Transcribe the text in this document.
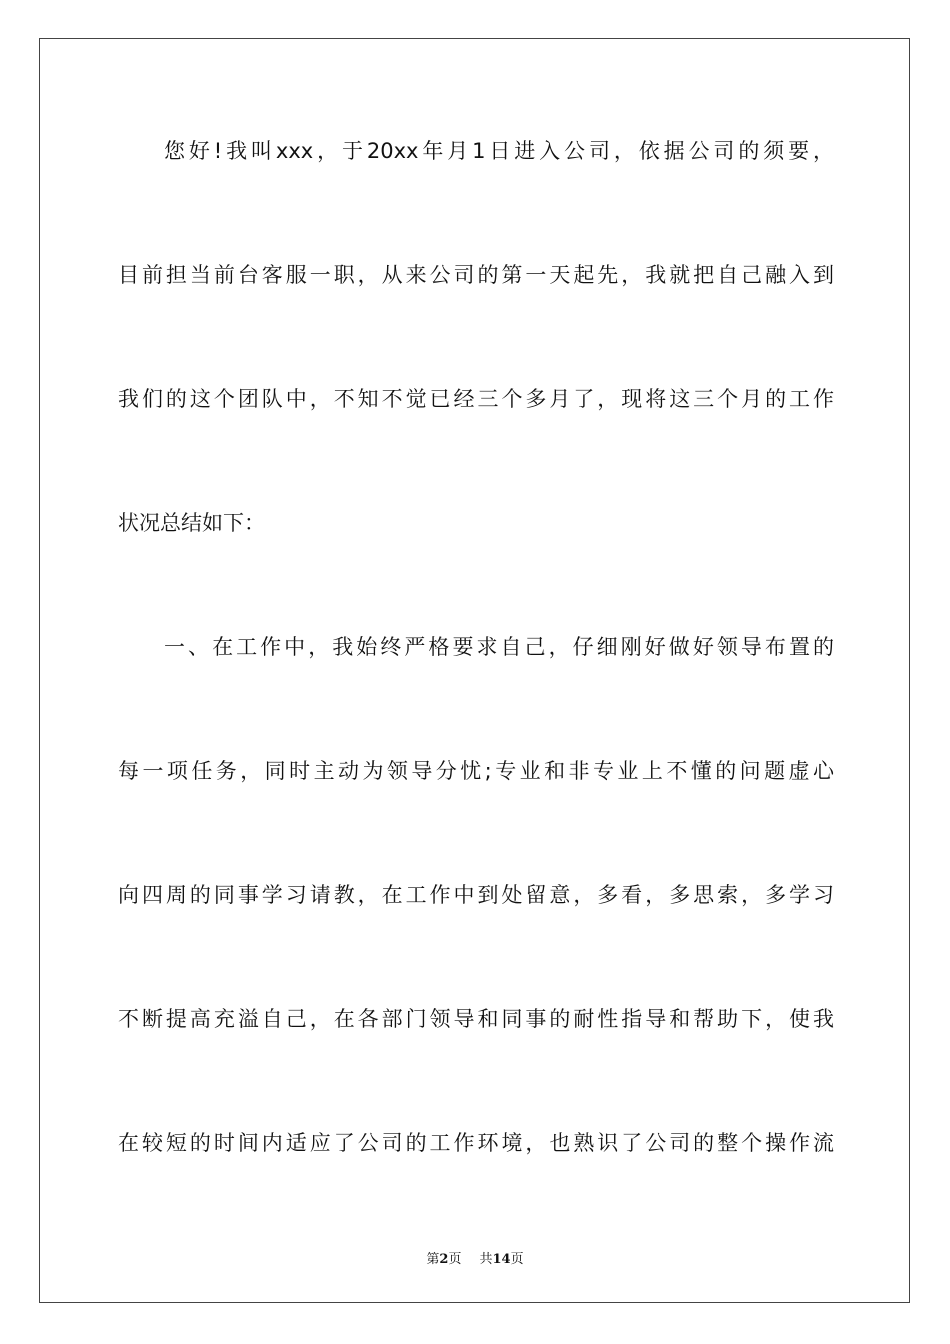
您好!我叫xxx，于20xx年月1日进入公司，依据公司的须要，
目前担当前台客服一职，从来公司的第一天起先，我就把自己融入到
我们的这个团队中，不知不觉已经三个多月了，现将这三个月的工作
状况总结如下：
一、在工作中，我始终严格要求自己，仔细刚好做好领导布置的
每一项任务，同时主动为领导分忧;专业和非专业上不懂的问题虚心
向四周的同事学习请教，在工作中到处留意，多看，多思索，多学习
不断提高充溢自己，在各部门领导和同事的耐性指导和帮助下，使我
在较短的时间内适应了公司的工作环境，也熟识了公司的整个操作流
第2页 共14页
